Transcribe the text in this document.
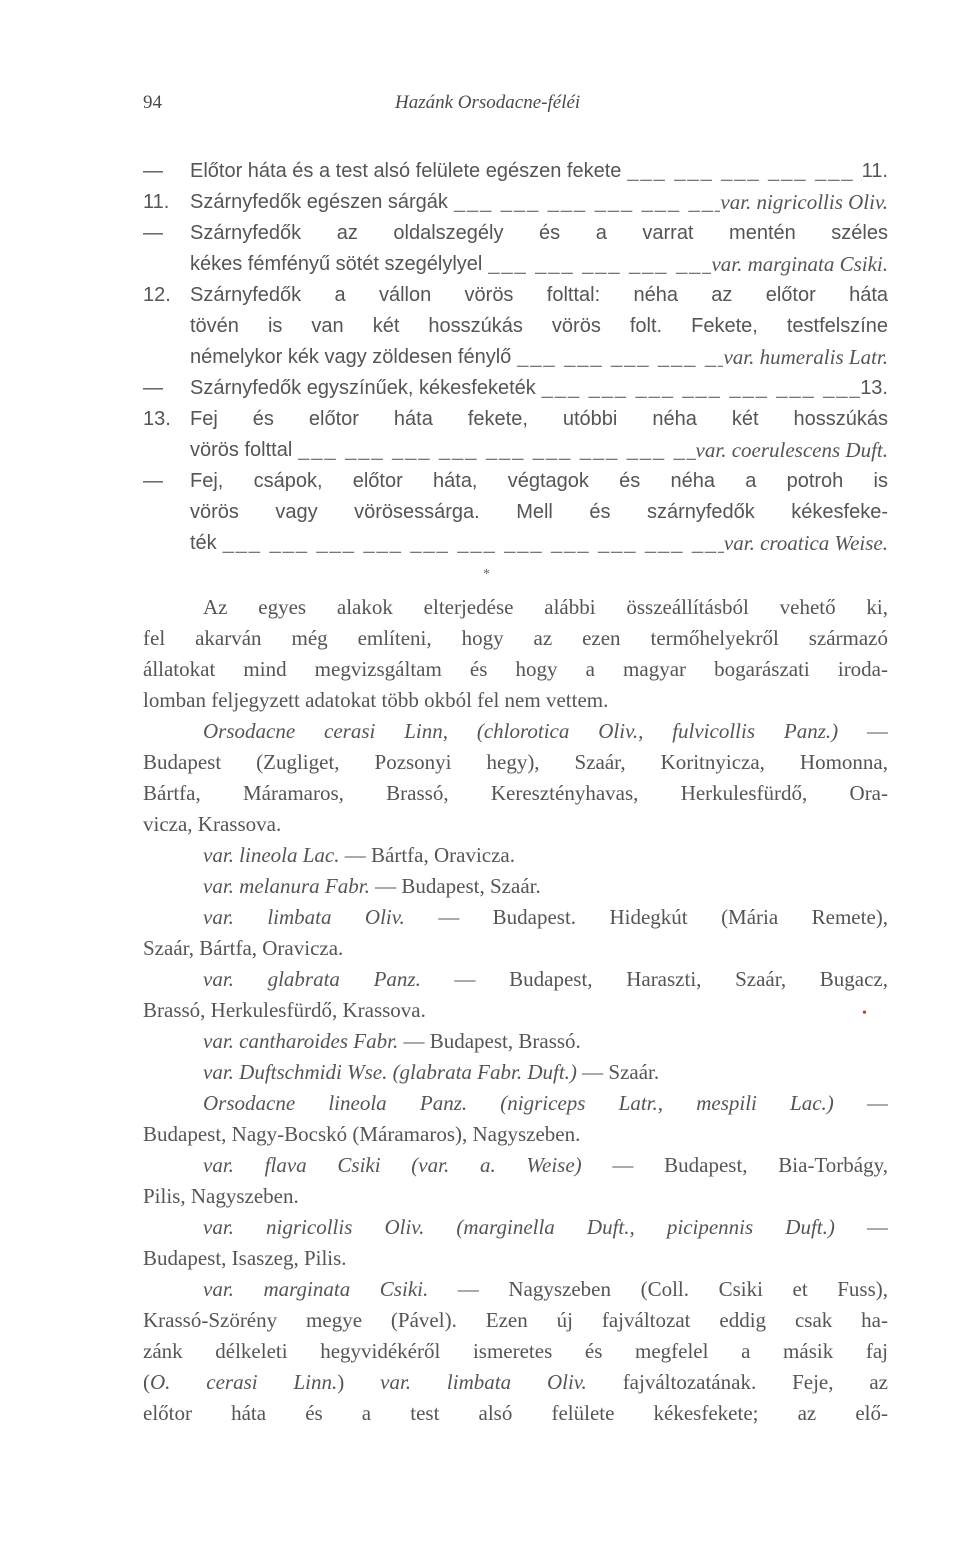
94	Hazánk Orsodacne-féléi
—	Előtor háta és a test alsó felülete egészen fekete ___ _	11.
11.	Szárnyfedők egészen sárgák ___ _	var. nigricollis Oliv.
—	Szárnyfedők az oldalszegély és a varrat mentén széles
kékes fémfényű sötét szegélylyel ___ _	var. marginata Csiki.
12. Szárnyfedők a vállon vörös folttal: néha az előtor háta
tövén is van két hosszúkás vörös folt. Fekete, testfelszíne
némelykor kék vagy zöldesen fénylő ___ _	var. humeralis Latr.
—	Szárnyfedők egyszínűek, kékesfeketék ___ _	13.
13. Fej és előtor háta fekete, utóbbi néha két hosszúkás
vörös folttal ___ _	var. coerulescens Duft.
—	Fej, csápok, előtor háta, végtagok és néha a potroh is
vörös vagy vörösessárga. Mell és szárnyfedők kékesfeke-
ték ___ _	var. croatica Weise.
*
Az egyes alakok elterjedése alábbi összeállításból vehető ki,
fel akarván még említeni, hogy az ezen termőhelyekről származó
állatokat mind megvizsgáltam és hogy a magyar bogarászati iroda-
lomban feljegyzett adatokat több okból fel nem vettem.
Orsodacne cerasi Linn, (chlorotica Oliv., fulvicollis Panz.) —
Budapest (Zugliget, Pozsonyi hegy), Szaár, Koritnyicza, Homonna,
Bártfa, Máramaros, Brassó, Keresztényhavas, Herkulesfürdő, Ora-
vicza, Krassova.
var. lineola Lac. — Bártfa, Oravicza.
var. melanura Fabr. — Budapest, Szaár.
var. limbata Oliv. — Budapest. Hidegkút (Mária Remete),
Szaár, Bártfa, Oravicza.
var. glabrata Panz. — Budapest, Haraszti, Szaár, Bugacz,
Brassó, Herkulesfürdő, Krassova.
var. cantharoides Fabr. — Budapest, Brassó.
var. Duftschmidi Wse. (glabrata Fabr. Duft.) — Szaár.
Orsodacne lineola Panz. (nigriceps Latr., mespili Lac.) —
Budapest, Nagy-Bocskó (Máramaros), Nagyszeben.
var. flava Csiki (var. a. Weise) — Budapest, Bia-Torbágy,
Pilis, Nagyszeben.
var. nigricollis Oliv. (marginella Duft., picipennis Duft.) —
Budapest, Isaszeg, Pilis.
var. marginata Csiki. — Nagyszeben (Coll. Csiki et Fuss),
Krassó-Szörény megye (Pável). Ezen új fajváltozat eddig csak ha-
zánk délkeleti hegyvidékéről ismeretes és megfelel a másik faj
(O. cerasi Linn.) var. limbata Oliv. fajváltozatának. Feje, az
előtor háta és a test alsó felülete kékesfekete; az elő-
•
